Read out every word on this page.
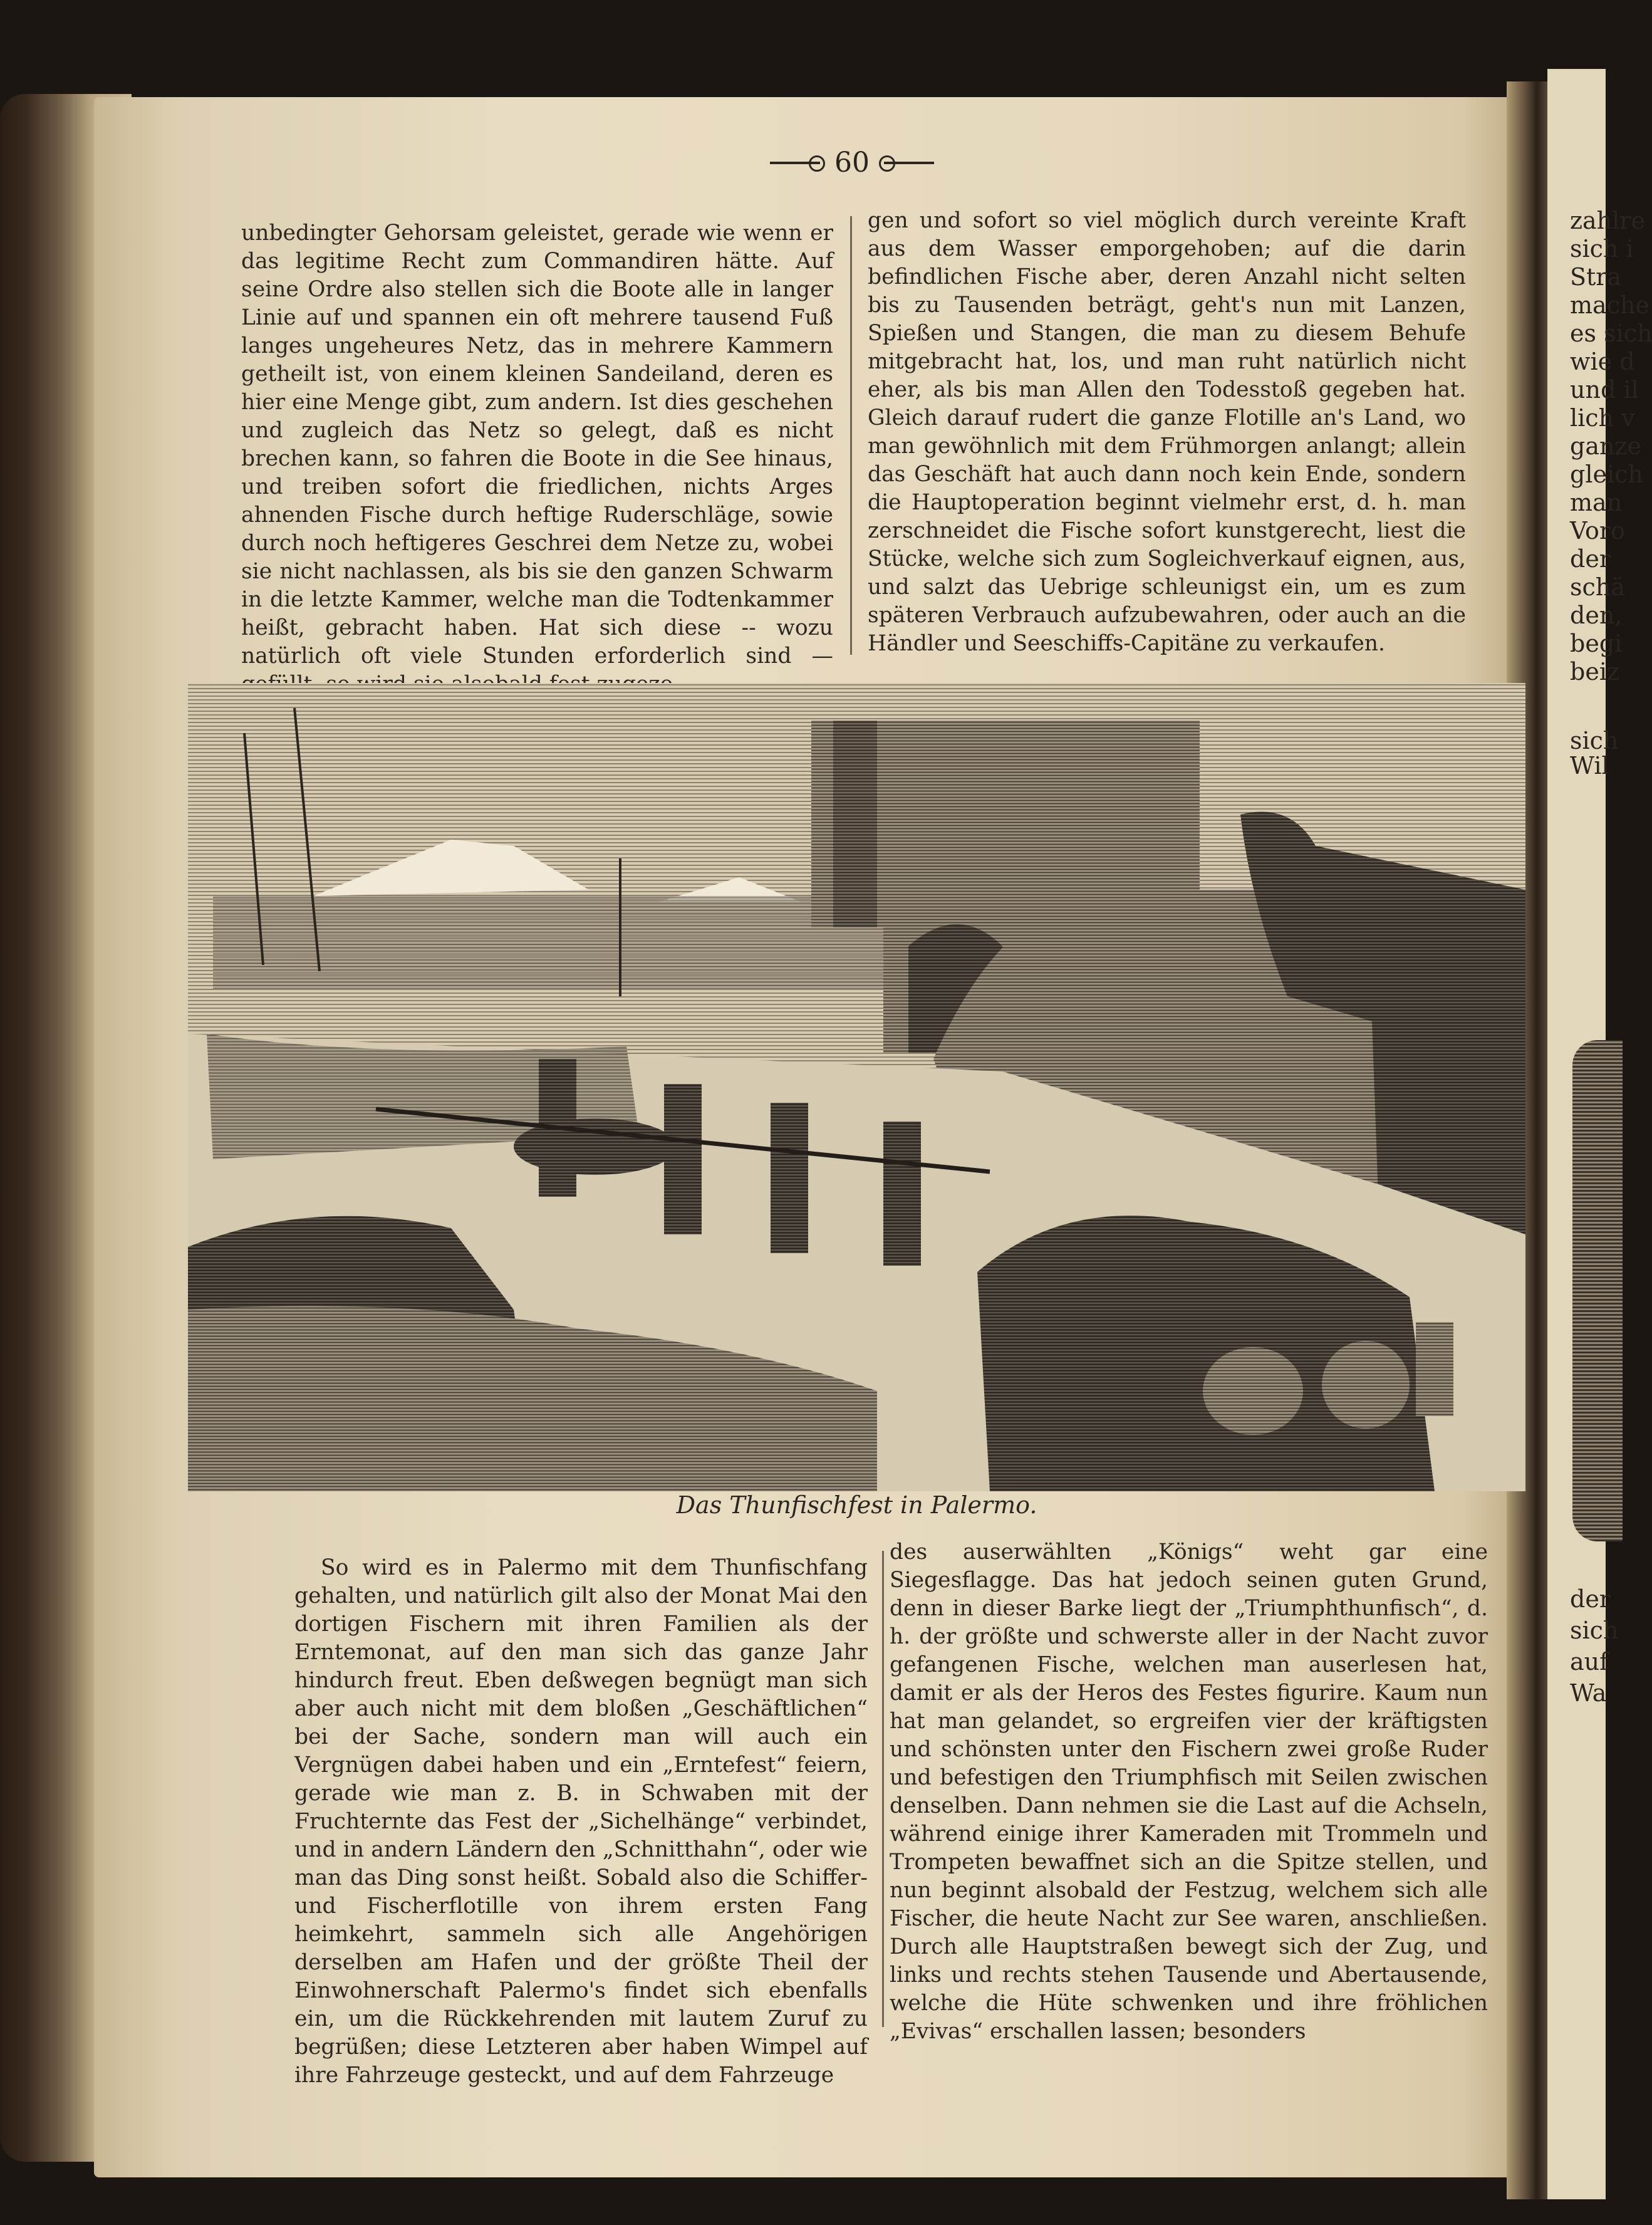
zahlre
sich i
Stra
mache
es sich
wie d
und il
lich v
ganze
gleich
man
Voro
der
schä
den,
begi
beiz
sich
Wil
der
sich
auf
Wa
60

unbedingter Gehorsam geleistet, gerade wie wenn er das legitime Recht zum Commandiren hätte. Auf seine Ordre also stellen sich die Boote alle in langer Linie auf und spannen ein oft mehrere tausend Fuß langes ungeheures Netz, das in mehrere Kammern getheilt ist, von einem kleinen Sandeiland, deren es hier eine Menge gibt, zum andern. Ist dies geschehen und zugleich das Netz so gelegt, daß es nicht brechen kann, so fahren die Boote in die See hinaus, und treiben sofort die friedlichen, nichts Arges ahnenden Fische durch heftige Ruderschläge, sowie durch noch heftigeres Geschrei dem Netze zu, wobei sie nicht nachlassen, als bis sie den ganzen Schwarm in die letzte Kammer, welche man die Todtenkammer heißt, gebracht haben. Hat sich diese -- wozu natürlich oft viele Stunden erforderlich sind —

gen und sofort so viel möglich durch vereinte Kraft aus dem Wasser emporgehoben; auf die darin befindlichen Fische aber, deren Anzahl nicht selten bis zu Tausenden beträgt, geht's nun mit Lanzen, Spießen und Stangen, die man zu diesem Behufe mitgebracht hat, los, und man ruht natürlich nicht eher, als bis man Allen den Todesstoß gegeben hat. Gleich darauf rudert die ganze Flotille an's Land, wo man gewöhnlich mit dem Frühmorgen anlangt; allein das Geschäft hat auch dann noch kein Ende, sondern die Hauptoperation beginnt vielmehr erst, d. h. man zerschneidet die Fische sofort kunstgerecht, liest die Stücke, welche sich zum Sogleichverkauf eignen, aus, und salzt das Uebrige schleunigst ein, um es zum späteren Verbrauch aufzubewahren, oder auch an die Händler und Seeschiffs-Capitäne zu verkaufen.

Das Thunfischfest in Palermo.

So wird es in Palermo mit dem Thunfischfang gehalten, und natürlich gilt also der Monat Mai den dortigen Fischern mit ihren Familien als der Erntemonat, auf den man sich das ganze Jahr hindurch freut. Eben deßwegen begnügt man sich aber auch nicht mit dem bloßen „Geschäftlichen“ bei der Sache, sondern man will auch ein Vergnügen dabei haben und ein „Erntefest“ feiern, gerade wie man z. B. in Schwaben mit der Fruchternte das Fest der „Sichelhänge“ verbindet, und in andern Ländern den „Schnitthahn“, oder wie man das Ding sonst heißt. Sobald also die Schiffer- und Fischerflotille von ihrem ersten Fang heimkehrt, sammeln sich alle Angehörigen derselben am Hafen und der größte Theil der Einwohnerschaft Palermo's findet sich ebenfalls ein, um die Rückkehrenden mit lautem Zuruf zu begrüßen; diese Letzteren aber haben Wimpel auf ihre Fahrzeuge gesteckt, und auf dem Fahrzeuge

des auserwählten „Königs“ weht gar eine Siegesflagge. Das hat jedoch seinen guten Grund, denn in dieser Barke liegt der „Triumphthunfisch“, d. h. der größte und schwerste aller in der Nacht zuvor gefangenen Fische, welchen man auserlesen hat, damit er als der Heros des Festes figurire. Kaum nun hat man gelandet, so ergreifen vier der kräftigsten und schönsten unter den Fischern zwei große Ruder und befestigen den Triumphfisch mit Seilen zwischen denselben. Dann nehmen sie die Last auf die Achseln, während einige ihrer Kameraden mit Trommeln und Trompeten bewaffnet sich an die Spitze stellen, und nun beginnt alsobald der Festzug, welchem sich alle Fischer, die heute Nacht zur See waren, anschließen. Durch alle Hauptstraßen bewegt sich der Zug, und links und rechts stehen Tausende und Abertausende, welche die Hüte schwenken und ihre fröhlichen „Evivas“ erschallen lassen; besonders
